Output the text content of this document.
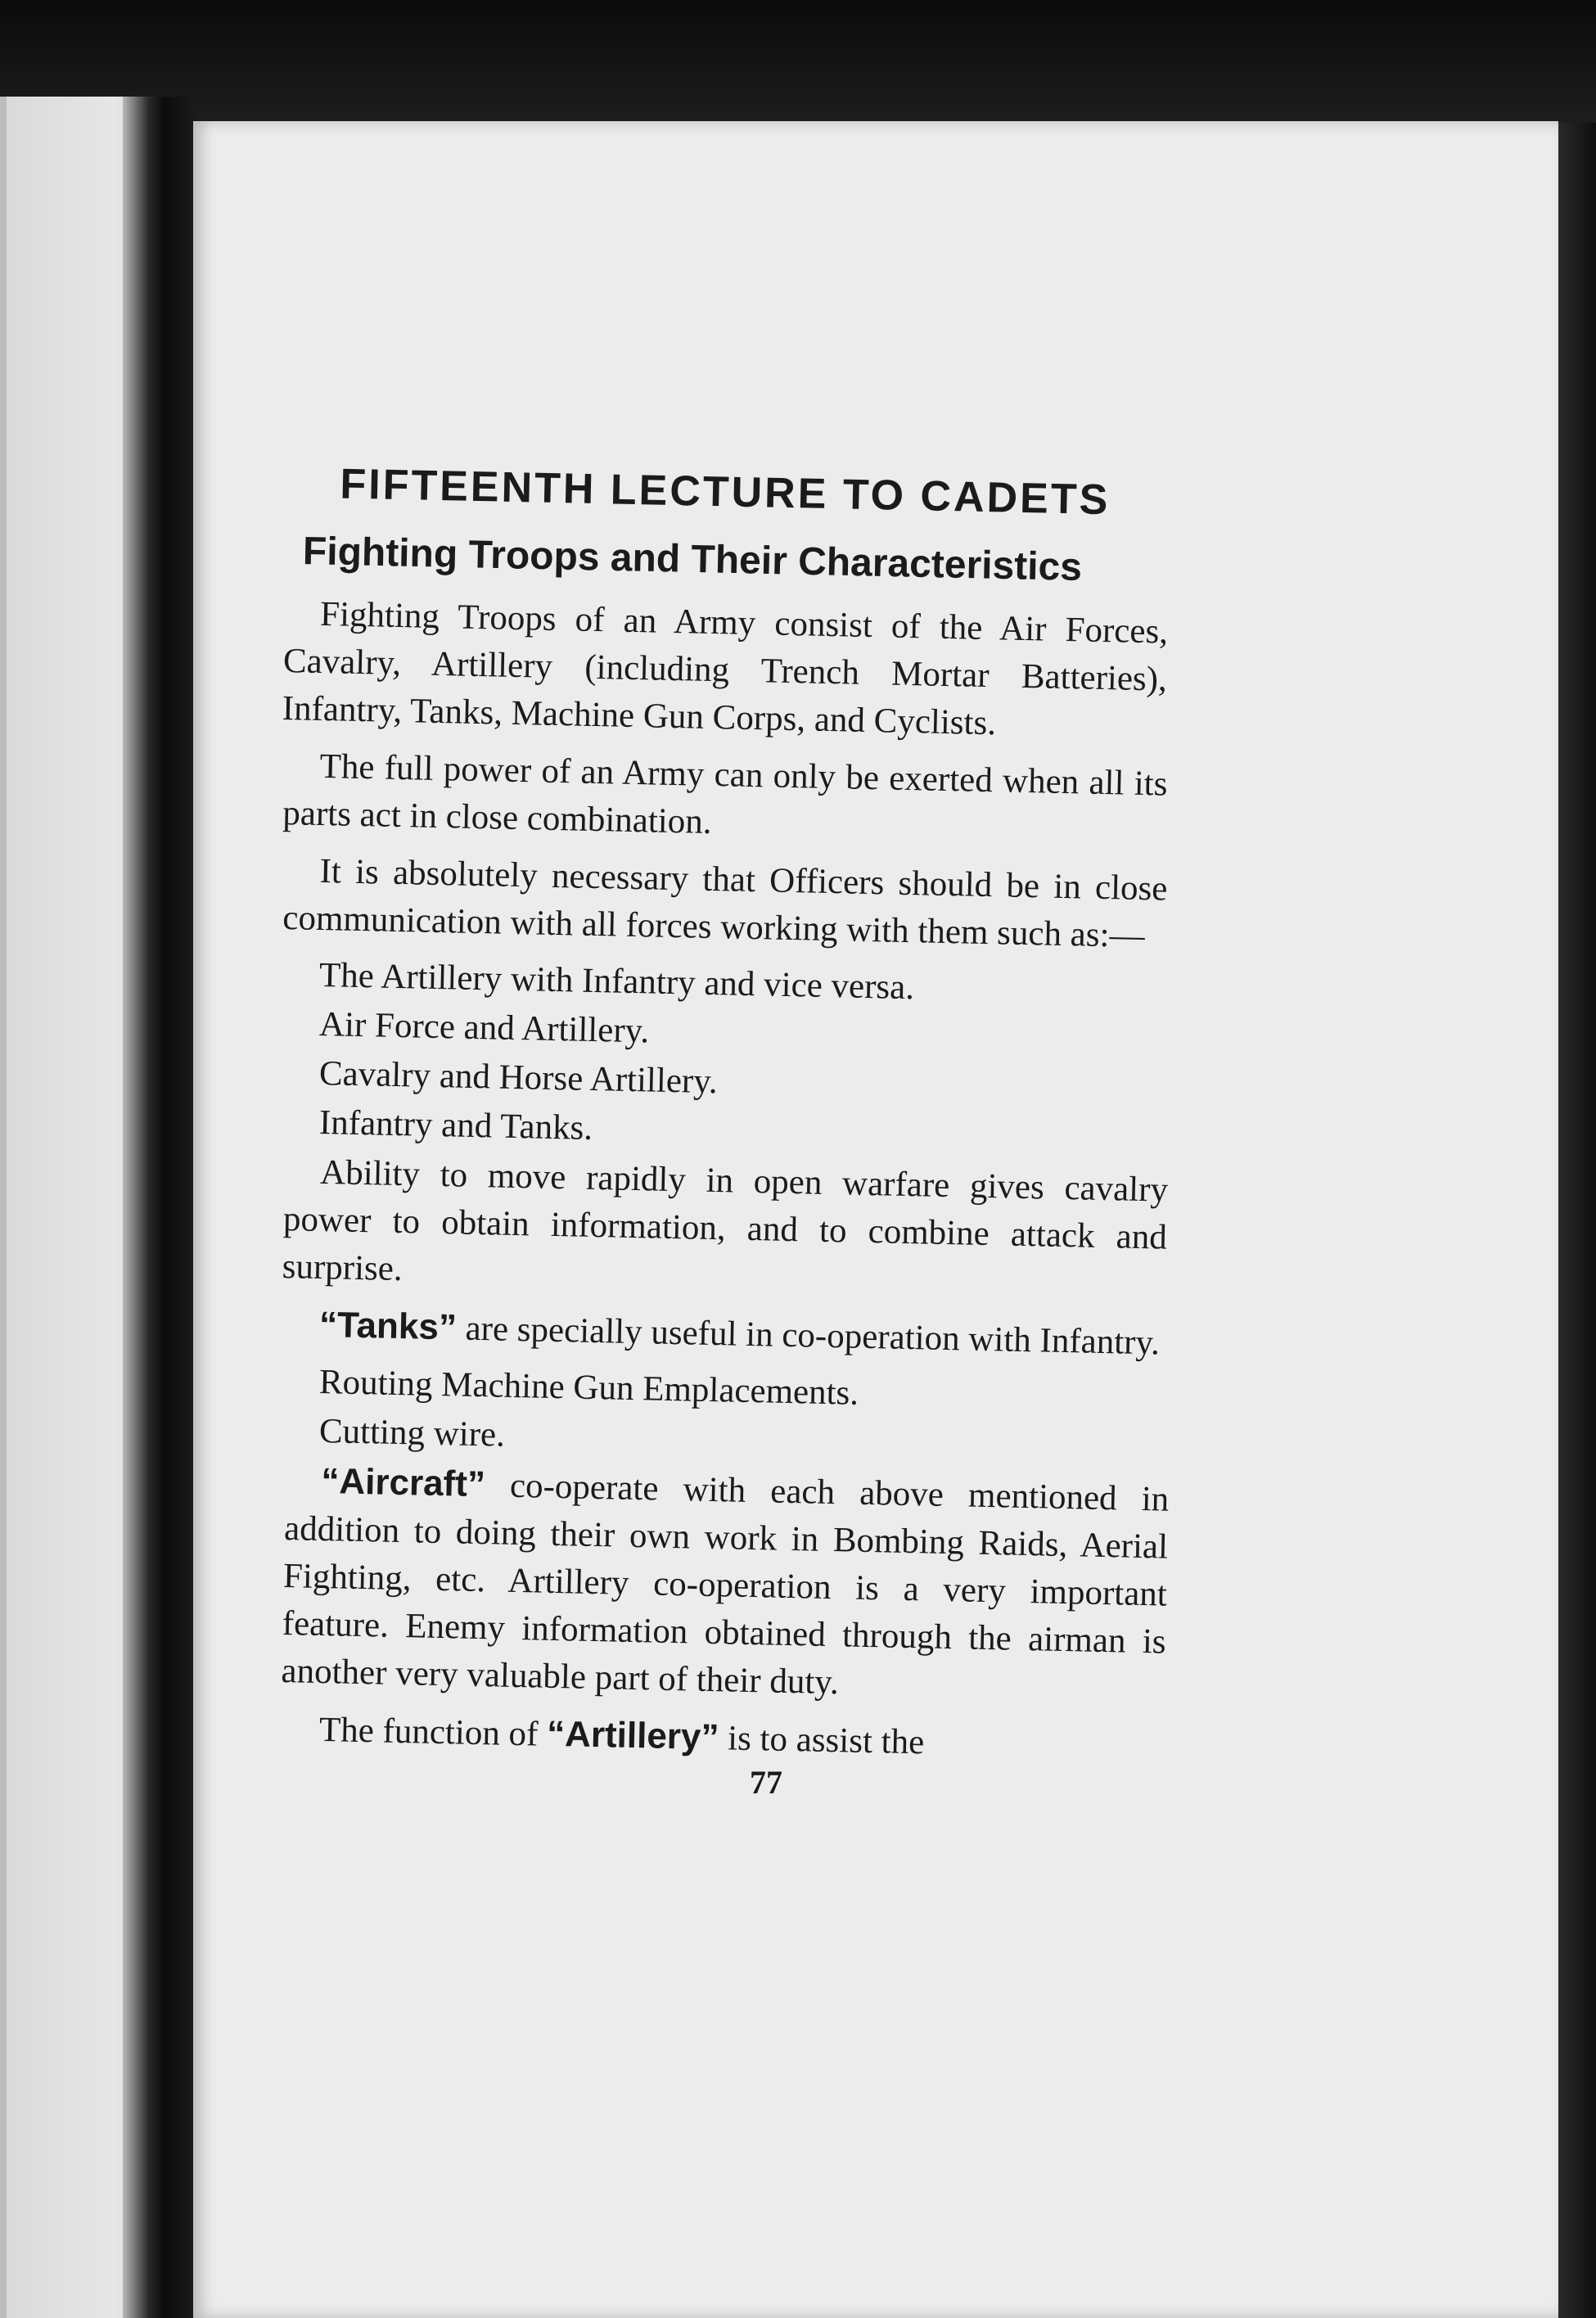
FIFTEENTH LECTURE TO CADETS
Fighting Troops and Their Characteristics

Fighting Troops of an Army consist of the Air Forces, Cavalry, Artillery (including Trench Mortar Batteries), Infantry, Tanks, Machine Gun Corps, and Cyclists.

The full power of an Army can only be exerted when all its parts act in close combination.

It is absolutely necessary that Officers should be in close communication with all forces working with them such as:—

The Artillery with Infantry and vice versa.
Air Force and Artillery.
Cavalry and Horse Artillery.
Infantry and Tanks.

Ability to move rapidly in open warfare gives cavalry power to obtain information, and to combine attack and surprise.

“Tanks” are specially useful in co-operation with Infantry.

Routing Machine Gun Emplacements.
Cutting wire.

“Aircraft” co-operate with each above mentioned in addition to doing their own work in Bombing Raids, Aerial Fighting, etc. Artillery co-operation is a very important feature. Enemy information obtained through the airman is another very valuable part of their duty.

The function of “Artillery” is to assist the

77
